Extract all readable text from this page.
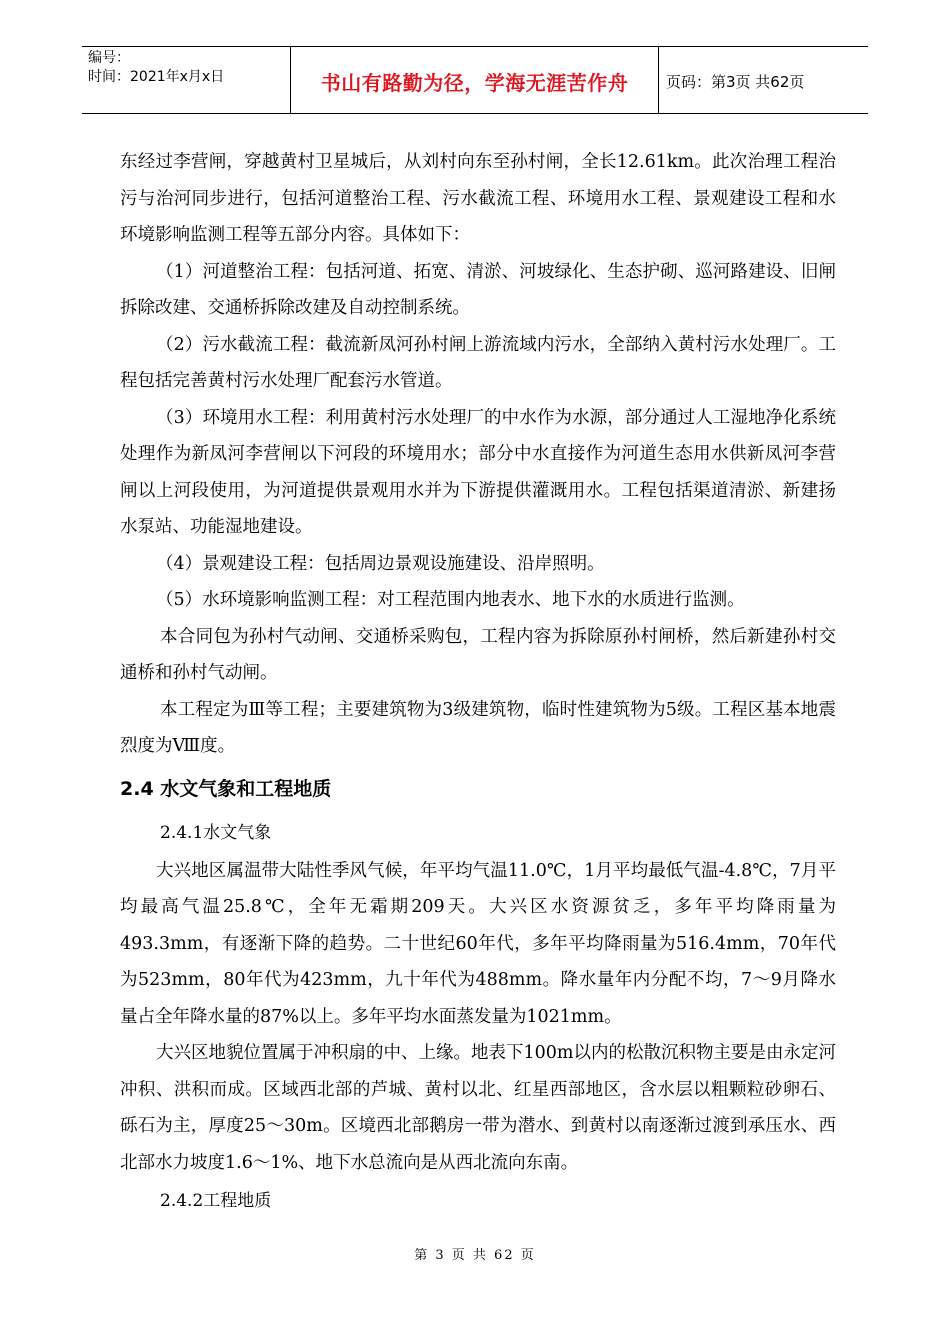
编号：
时间：2021年x月x日	书山有路勤为径，学海无涯苦作舟	页码：第3页 共62页

东经过李营闸，穿越黄村卫星城后，从刘村向东至孙村闸，全长12.61km。此次治理工程治污与治河同步进行，包括河道整治工程、污水截流工程、环境用水工程、景观建设工程和水环境影响监测工程等五部分内容。具体如下：

（1）河道整治工程：包括河道、拓宽、清淤、河坡绿化、生态护砌、巡河路建设、旧闸拆除改建、交通桥拆除改建及自动控制系统。

（2）污水截流工程：截流新凤河孙村闸上游流域内污水，全部纳入黄村污水处理厂。工程包括完善黄村污水处理厂配套污水管道。

（3）环境用水工程：利用黄村污水处理厂的中水作为水源，部分通过人工湿地净化系统处理作为新凤河李营闸以下河段的环境用水；部分中水直接作为河道生态用水供新凤河李营闸以上河段使用，为河道提供景观用水并为下游提供灌溉用水。工程包括渠道清淤、新建扬水泵站、功能湿地建设。

（4）景观建设工程：包括周边景观设施建设、沿岸照明。

（5）水环境影响监测工程：对工程范围内地表水、地下水的水质进行监测。

本合同包为孙村气动闸、交通桥采购包，工程内容为拆除原孙村闸桥，然后新建孙村交通桥和孙村气动闸。

本工程定为Ⅲ等工程；主要建筑物为3级建筑物，临时性建筑物为5级。工程区基本地震烈度为Ⅷ度。

2.4 水文气象和工程地质

2.4.1水文气象

大兴地区属温带大陆性季风气候，年平均气温11.0℃，1月平均最低气温-4.8℃，7月平均最高气温25.8℃，全年无霜期209天。大兴区水资源贫乏，多年平均降雨量为493.3mm，有逐渐下降的趋势。二十世纪60年代，多年平均降雨量为516.4mm，70年代为523mm，80年代为423mm，九十年代为488mm。降水量年内分配不均，7～9月降水量占全年降水量的87%以上。多年平均水面蒸发量为1021mm。

大兴区地貌位置属于冲积扇的中、上缘。地表下100m以内的松散沉积物主要是由永定河冲积、洪积而成。区域西北部的芦城、黄村以北、红星西部地区，含水层以粗颗粒砂卵石、砾石为主，厚度25～30m。区境西北部鹅房一带为潜水、到黄村以南逐渐过渡到承压水、西北部水力坡度1.6～1%、地下水总流向是从西北流向东南。

2.4.2工程地质

第 3 页 共 62 页
